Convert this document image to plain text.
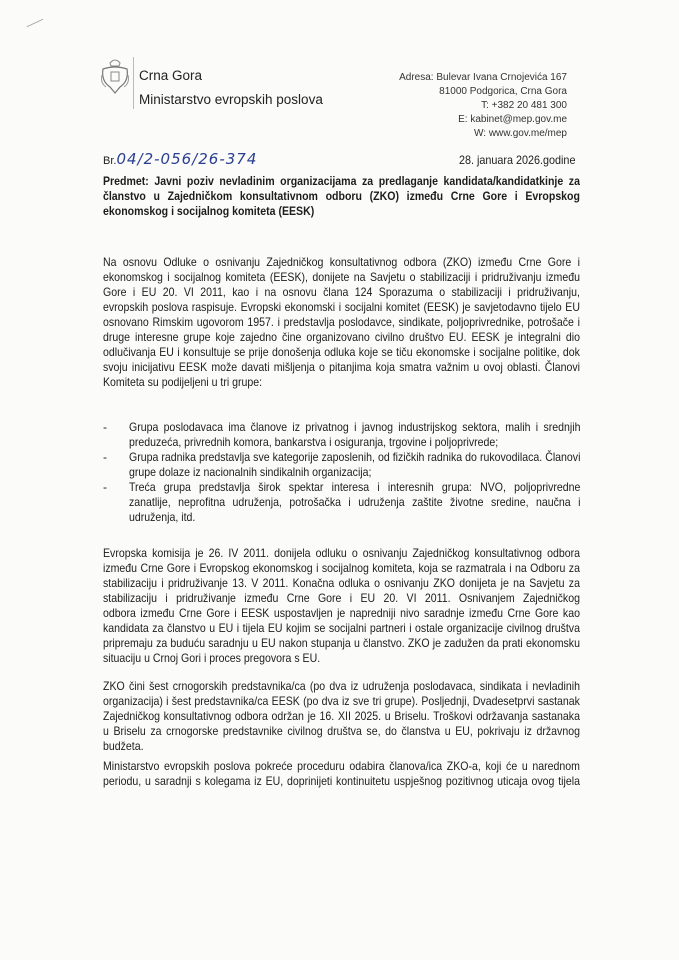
Crna Gora
Ministarstvo evropskih poslova
Adresa: Bulevar Ivana Crnojevića 167
81000 Podgorica, Crna Gora
T: +382 20 481 300
E: kabinet@mep.gov.me
W: www.gov.me/mep
Br.04/2-056/26-374	28. januara 2026.godine
Predmet: Javni poziv nevladinim organizacijama za predlaganje kandidata/kandidatkinje za
članstvo u Zajedničkom konsultativnom odboru (ZKO) između Crne Gore i Evropskog
ekonomskog i socijalnog komiteta (EESK)
Na osnovu Odluke o osnivanju Zajedničkog konsultativnog odbora (ZKO) između Crne Gore i
ekonomskog i socijalnog komiteta (EESK), donijete na Savjetu o stabilizaciji i pridruživanju između
Gore i EU 20. VI 2011, kao i na osnovu člana 124 Sporazuma o stabilizaciji i pridruživanju,
evropskih poslova raspisuje. Evropski ekonomski i socijalni komitet (EESK) je savjetodavno tijelo EU
osnovano Rimskim ugovorom 1957. i predstavlja poslodavce, sindikate, poljoprivrednike, potrošače i
druge interesne grupe koje zajedno čine organizovano civilno društvo EU. EESK je integralni dio
odlučivanja EU i konsultuje se prije donošenja odluka koje se tiču ekonomske i socijalne politike, dok
svoju inicijativu EESK može davati mišljenja o pitanjima koja smatra važnim u ovoj oblasti. Članovi
Komiteta su podijeljeni u tri grupe:
- Grupa poslodavaca ima članove iz privatnog i javnog industrijskog sektora, malih i srednjih
preduzeća, privrednih komora, bankarstva i osiguranja, trgovine i poljoprivrede;
- Grupa radnika predstavlja sve kategorije zaposlenih, od fizičkih radnika do rukovodilaca. Članovi
grupe dolaze iz nacionalnih sindikalnih organizacija;
- Treća grupa predstavlja širok spektar interesa i interesnih grupa: NVO, poljoprivredne
zanatlije, neprofitna udruženja, potrošačka i udruženja zaštite životne sredine, naučna i
udruženja, itd.
Evropska komisija je 26. IV 2011. donijela odluku o osnivanju Zajedničkog konsultativnog odbora
između Crne Gore i Evropskog ekonomskog i socijalnog komiteta, koja se razmatrala i na Odboru za
stabilizaciju i pridruživanje 13. V 2011. Konačna odluka o osnivanju ZKO donijeta je na Savjetu za
stabilizaciju i pridruživanje između Crne Gore i EU 20. VI 2011. Osnivanjem Zajedničkog
odbora između Crne Gore i EESK uspostavljen je napredniji nivo saradnje između Crne Gore kao
kandidata za članstvo u EU i tijela EU kojim se socijalni partneri i ostale organizacije civilnog društva
pripremaju za buduću saradnju u EU nakon stupanja u članstvo. ZKO je zadužen da prati ekonomsku
situaciju u Crnoj Gori i proces pregovora s EU.
ZKO čini šest crnogorskih predstavnika/ca (po dva iz udruženja poslodavaca, sindikata i nevladinih
organizacija) i šest predstavnika/ca EESK (po dva iz sve tri grupe). Posljednji, Dvadesetprvi sastanak
Zajedničkog konsultativnog odbora održan je 16. XII 2025. u Briselu. Troškovi održavanja sastanaka
u Briselu za crnogorske predstavnike civilnog društva se, do članstva u EU, pokrivaju iz državnog
budžeta.
Ministarstvo evropskih poslova pokreće proceduru odabira članova/ica ZKO-a, koji će u narednom
periodu, u saradnji s kolegama iz EU, doprinijeti kontinuitetu uspješnog pozitivnog uticaja ovog tijela
